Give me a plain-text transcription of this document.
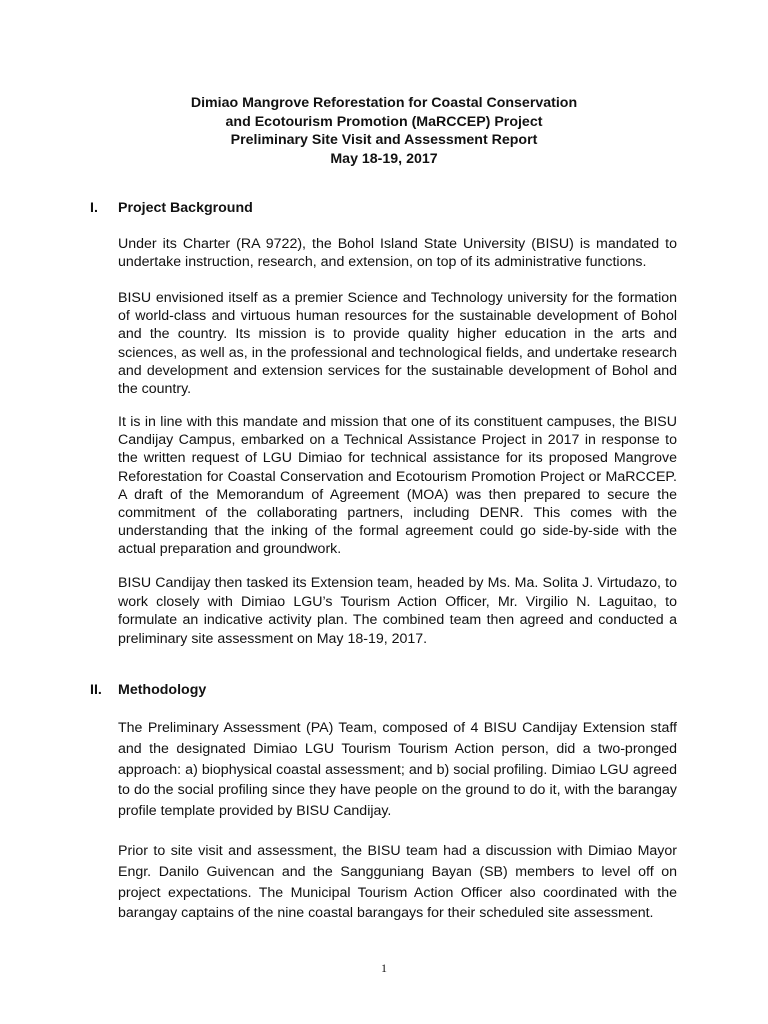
Dimiao Mangrove Reforestation for Coastal Conservation
and Ecotourism Promotion (MaRCCEP) Project
Preliminary Site Visit and Assessment Report
May 18-19, 2017
I. Project Background

Under its Charter (RA 9722), the Bohol Island State University (BISU) is mandated to undertake instruction, research, and extension, on top of its administrative functions.

BISU envisioned itself as a premier Science and Technology university for the formation of world-class and virtuous human resources for the sustainable development of Bohol and the country. Its mission is to provide quality higher education in the arts and sciences, as well as, in the professional and technological fields, and undertake research and development and extension services for the sustainable development of Bohol and the country.

It is in line with this mandate and mission that one of its constituent campuses, the BISU Candijay Campus, embarked on a Technical Assistance Project in 2017 in response to the written request of LGU Dimiao for technical assistance for its proposed Mangrove Reforestation for Coastal Conservation and Ecotourism Promotion Project or MaRCCEP. A draft of the Memorandum of Agreement (MOA) was then prepared to secure the commitment of the collaborating partners, including DENR. This comes with the understanding that the inking of the formal agreement could go side-by-side with the actual preparation and groundwork.

BISU Candijay then tasked its Extension team, headed by Ms. Ma. Solita J. Virtudazo, to work closely with Dimiao LGU’s Tourism Action Officer, Mr. Virgilio N. Laguitao, to formulate an indicative activity plan. The combined team then agreed and conducted a preliminary site assessment on May 18-19, 2017.

II. Methodology

The Preliminary Assessment (PA) Team, composed of 4 BISU Candijay Extension staff and the designated Dimiao LGU Tourism Tourism Action person, did a two-pronged approach: a) biophysical coastal assessment; and b) social profiling. Dimiao LGU agreed to do the social profiling since they have people on the ground to do it, with the barangay profile template provided by BISU Candijay.

Prior to site visit and assessment, the BISU team had a discussion with Dimiao Mayor Engr. Danilo Guivencan and the Sangguniang Bayan (SB) members to level off on project expectations. The Municipal Tourism Action Officer also coordinated with the barangay captains of the nine coastal barangays for their scheduled site assessment.

1
